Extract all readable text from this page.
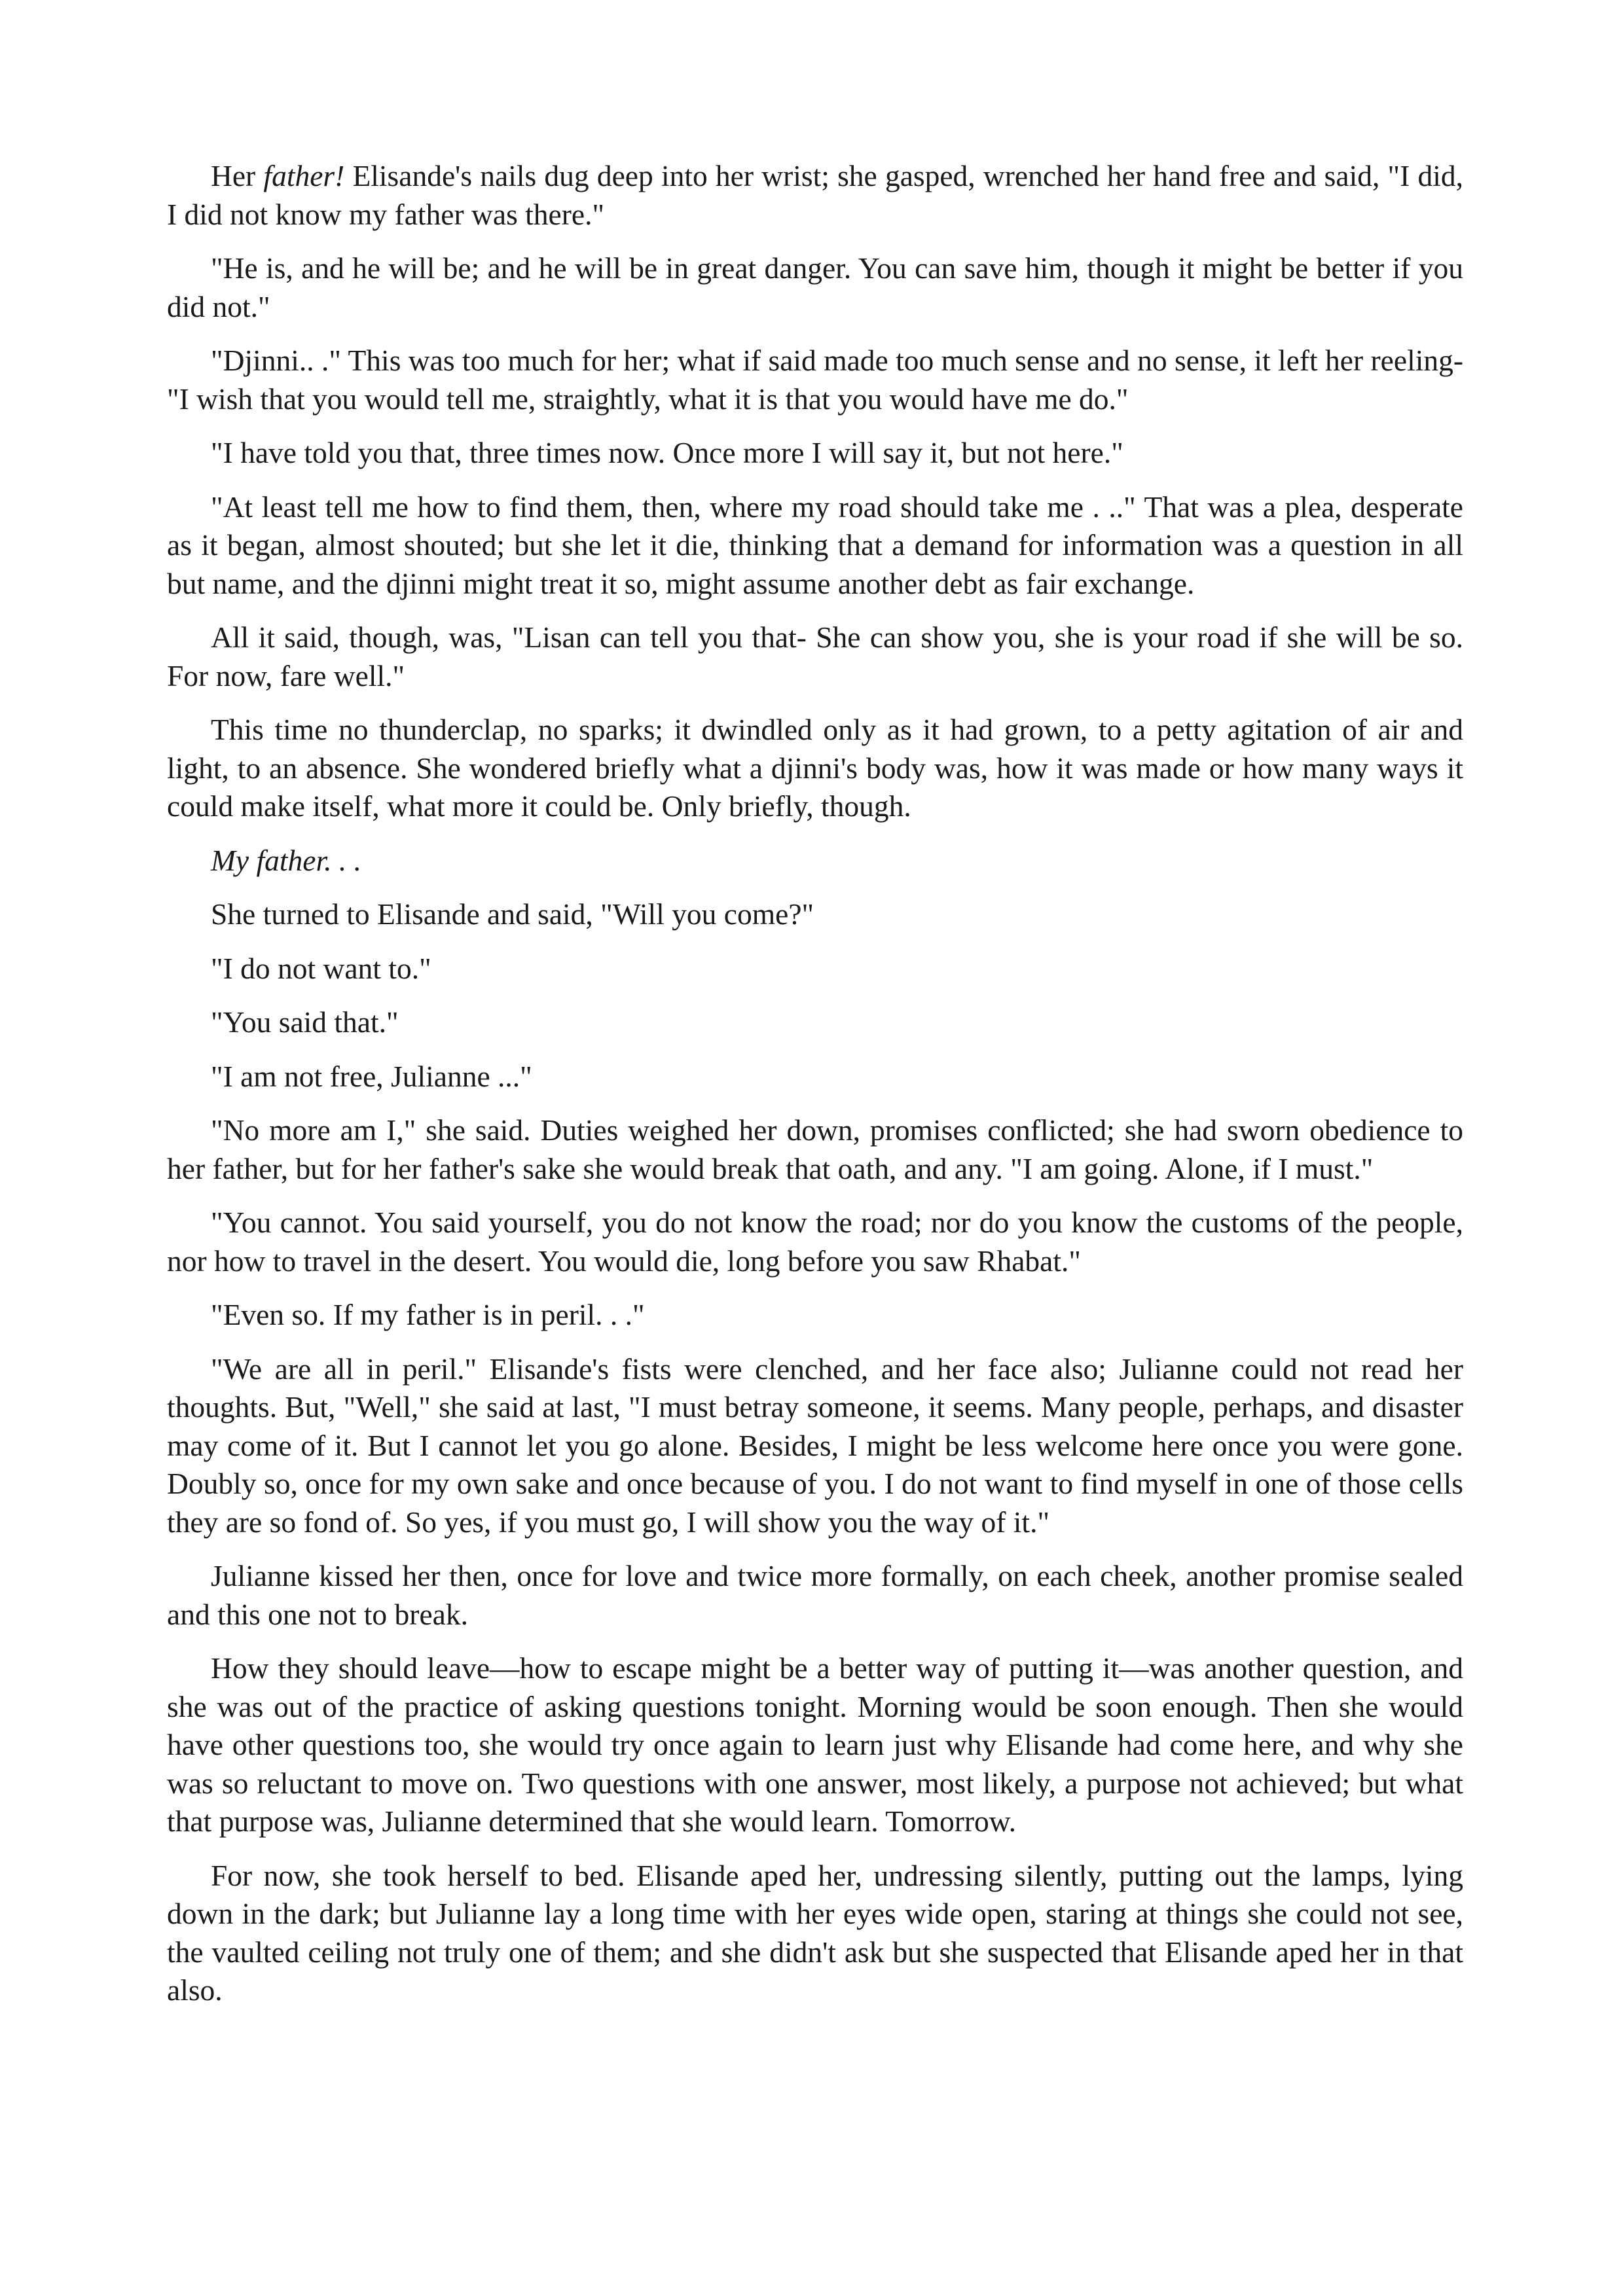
Her father! Elisande's nails dug deep into her wrist; she gasped, wrenched her hand free and said, "I did, I did not know my father was there."

"He is, and he will be; and he will be in great danger. You can save him, though it might be better if you did not."

"Djinni.. ." This was too much for her; what if said made too much sense and no sense, it left her reeling- "I wish that you would tell me, straightly, what it is that you would have me do."

"I have told you that, three times now. Once more I will say it, but not here."

"At least tell me how to find them, then, where my road should take me . .." That was a plea, desperate as it began, almost shouted; but she let it die, thinking that a demand for information was a question in all but name, and the djinni might treat it so, might assume another debt as fair exchange.

All it said, though, was, "Lisan can tell you that- She can show you, she is your road if she will be so. For now, fare well."

This time no thunderclap, no sparks; it dwindled only as it had grown, to a petty agitation of air and light, to an absence. She wondered briefly what a djinni's body was, how it was made or how many ways it could make itself, what more it could be. Only briefly, though.

My father. . .

She turned to Elisande and said, "Will you come?"

"I do not want to."

"You said that."

"I am not free, Julianne ..."

"No more am I," she said. Duties weighed her down, promises conflicted; she had sworn obedience to her father, but for her father's sake she would break that oath, and any. "I am going. Alone, if I must."

"You cannot. You said yourself, you do not know the road; nor do you know the customs of the people, nor how to travel in the desert. You would die, long before you saw Rhabat."

"Even so. If my father is in peril. . ."

"We are all in peril." Elisande's fists were clenched, and her face also; Julianne could not read her thoughts. But, "Well," she said at last, "I must betray someone, it seems. Many people, perhaps, and disaster may come of it. But I cannot let you go alone. Besides, I might be less welcome here once you were gone. Doubly so, once for my own sake and once because of you. I do not want to find myself in one of those cells they are so fond of. So yes, if you must go, I will show you the way of it."

Julianne kissed her then, once for love and twice more formally, on each cheek, another promise sealed and this one not to break.

How they should leave—how to escape might be a better way of putting it—was another question, and she was out of the practice of asking questions tonight. Morning would be soon enough. Then she would have other questions too, she would try once again to learn just why Elisande had come here, and why she was so reluctant to move on. Two questions with one answer, most likely, a purpose not achieved; but what that purpose was, Julianne determined that she would learn. Tomorrow.

For now, she took herself to bed. Elisande aped her, undressing silently, putting out the lamps, lying down in the dark; but Julianne lay a long time with her eyes wide open, staring at things she could not see, the vaulted ceiling not truly one of them; and she didn't ask but she suspected that Elisande aped her in that also.
